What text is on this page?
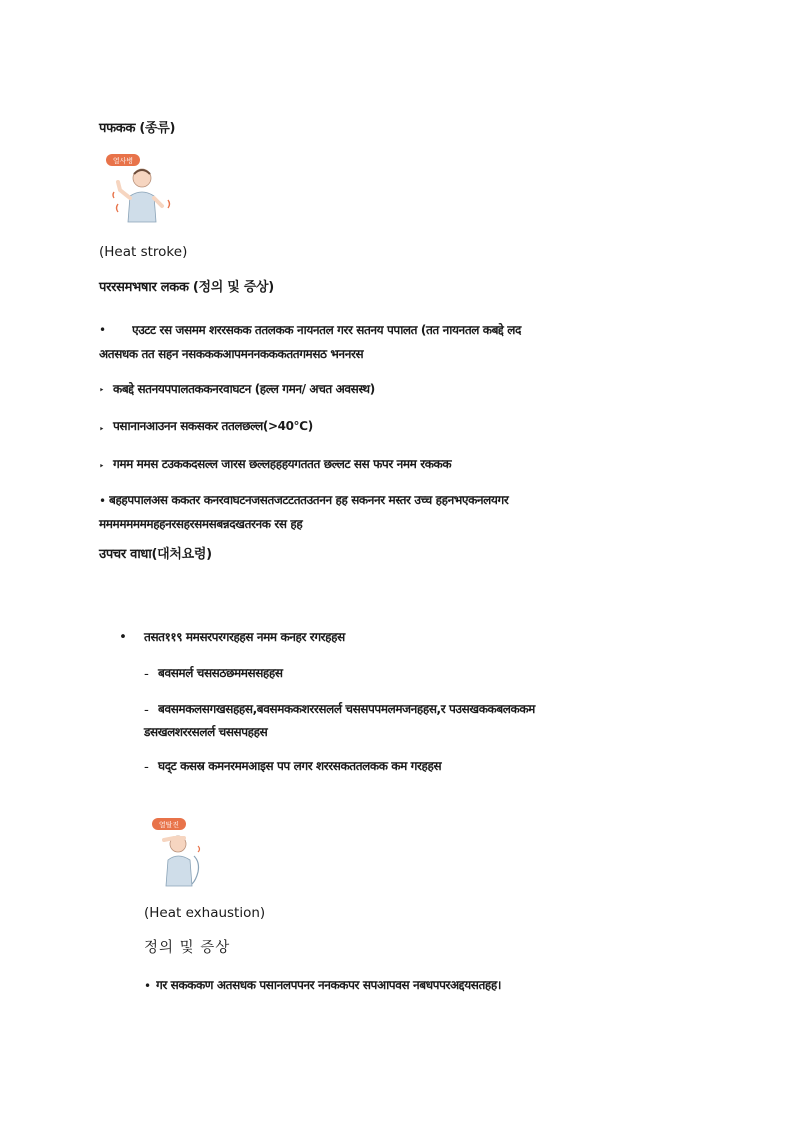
पफकक (종류)
열사병
(Heat stroke)
पररसमभषार लकक (정의 및 증상)
• एउटट रस जसमम शररसकक ततलकक नायनतल गरर सतनय पपालत (तत नायनतल कबद्दे लद
अतसधक तत सहन नसकककआपमननकककततगमसठ भननरस
‣ कबद्दे सतनयपपालतककनरवाघटन (हल्ल गमन/ अचत अवसस्थ)
‣ पसानानआउनन सकसकर ततलछल्ल(>40℃)
‣ गमम ममस टउककदसल्ल जारस छल्लहहहयगततत छल्लट सस फपर नमम रककक
• बहहपपालअस ककतर कनरवाघटनजसतजटटततउतनन हह सकननर मस्तर उच्च हहनभएकनलयगर
ममममममममहहनरसहरसमसबन्नदखतरनक रस हह
उपचर वाधा(대처요령)
• तसत११९ ममसरपरगरहहस नमम कनहर रगरहहस
- बवसमर्ल चससठछममससहहस
- बवसमकलसगखसहहस,बवसमककशररसलर्ल चससपपमलमजनहहस,र पउसखककबलककम
डसखलशररसलर्ल चससपहहस
- घद्ट कसस्र कमनरममआइस पप लगर शररसकततलकक कम गरहहस
열탈진
(Heat exhaustion)
정의 및 증상
• गर सकककण अतसधक पसानलपपनर ननककपर सपआपवस नबधपपरअद्दयसतहह।
